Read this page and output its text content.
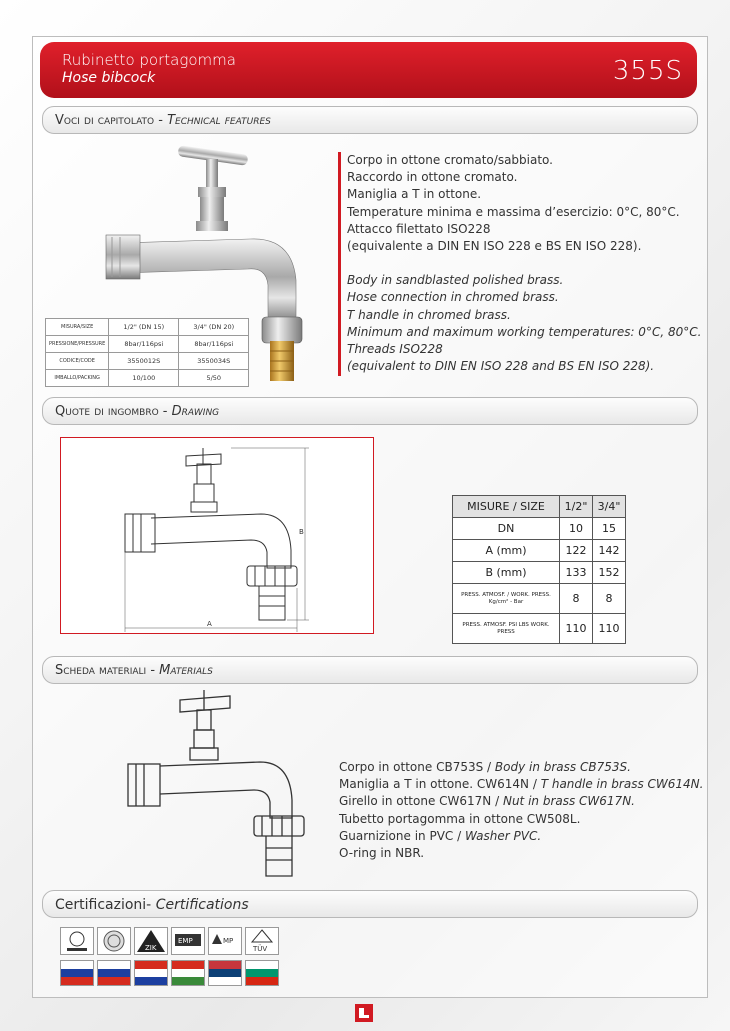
Rubinetto portagomma
Hose bibcock	355S
Voci di capitolato - Technical features
MISURA/SIZE	1/2" (DN 15)	3/4" (DN 20)
PRESSIONE/PRESSURE	8bar/116psi	8bar/116psi
CODICE/CODE	3550012S	3550034S
IMBALLO/PACKING	10/100	5/50
Corpo in ottone cromato/sabbiato.
Raccordo in ottone cromato.
Maniglia a T in ottone.
Temperature minima e massima d’esercizio: 0°C, 80°C.
Attacco filettato ISO228
(equivalente a DIN EN ISO 228 e BS EN ISO 228).
Body in sandblasted polished brass.
Hose connection in chromed brass.
T handle in chromed brass.
Minimum and maximum working temperatures: 0°C, 80°C.
Threads ISO228
(equivalent to DIN EN ISO 228 and BS EN ISO 228).
Quote di ingombro - Drawing
A
B
MISURE / SIZE	1/2"	3/4"
DN	10	15
A (mm)	122	142
B (mm)	133	152
PRESS. ATMOSF. / WORK. PRESS. Kg/cm² - Bar	8	8
PRESS. ATMOSF. PSI LBS WORK. PRESS	110	110
Scheda materiali - Materials
Corpo in ottone CB753S / Body in brass CB753S.
Maniglia a T in ottone. CW614N / T handle in brass CW614N.
Girello in ottone CW617N / Nut in brass CW617N.
Tubetto portagomma in ottone CW508L.
Guarnizione in PVC / Washer PVC.
O-ring in NBR.
Certificazioni- Certifications
ZIK
EMP	MP
TÜV
